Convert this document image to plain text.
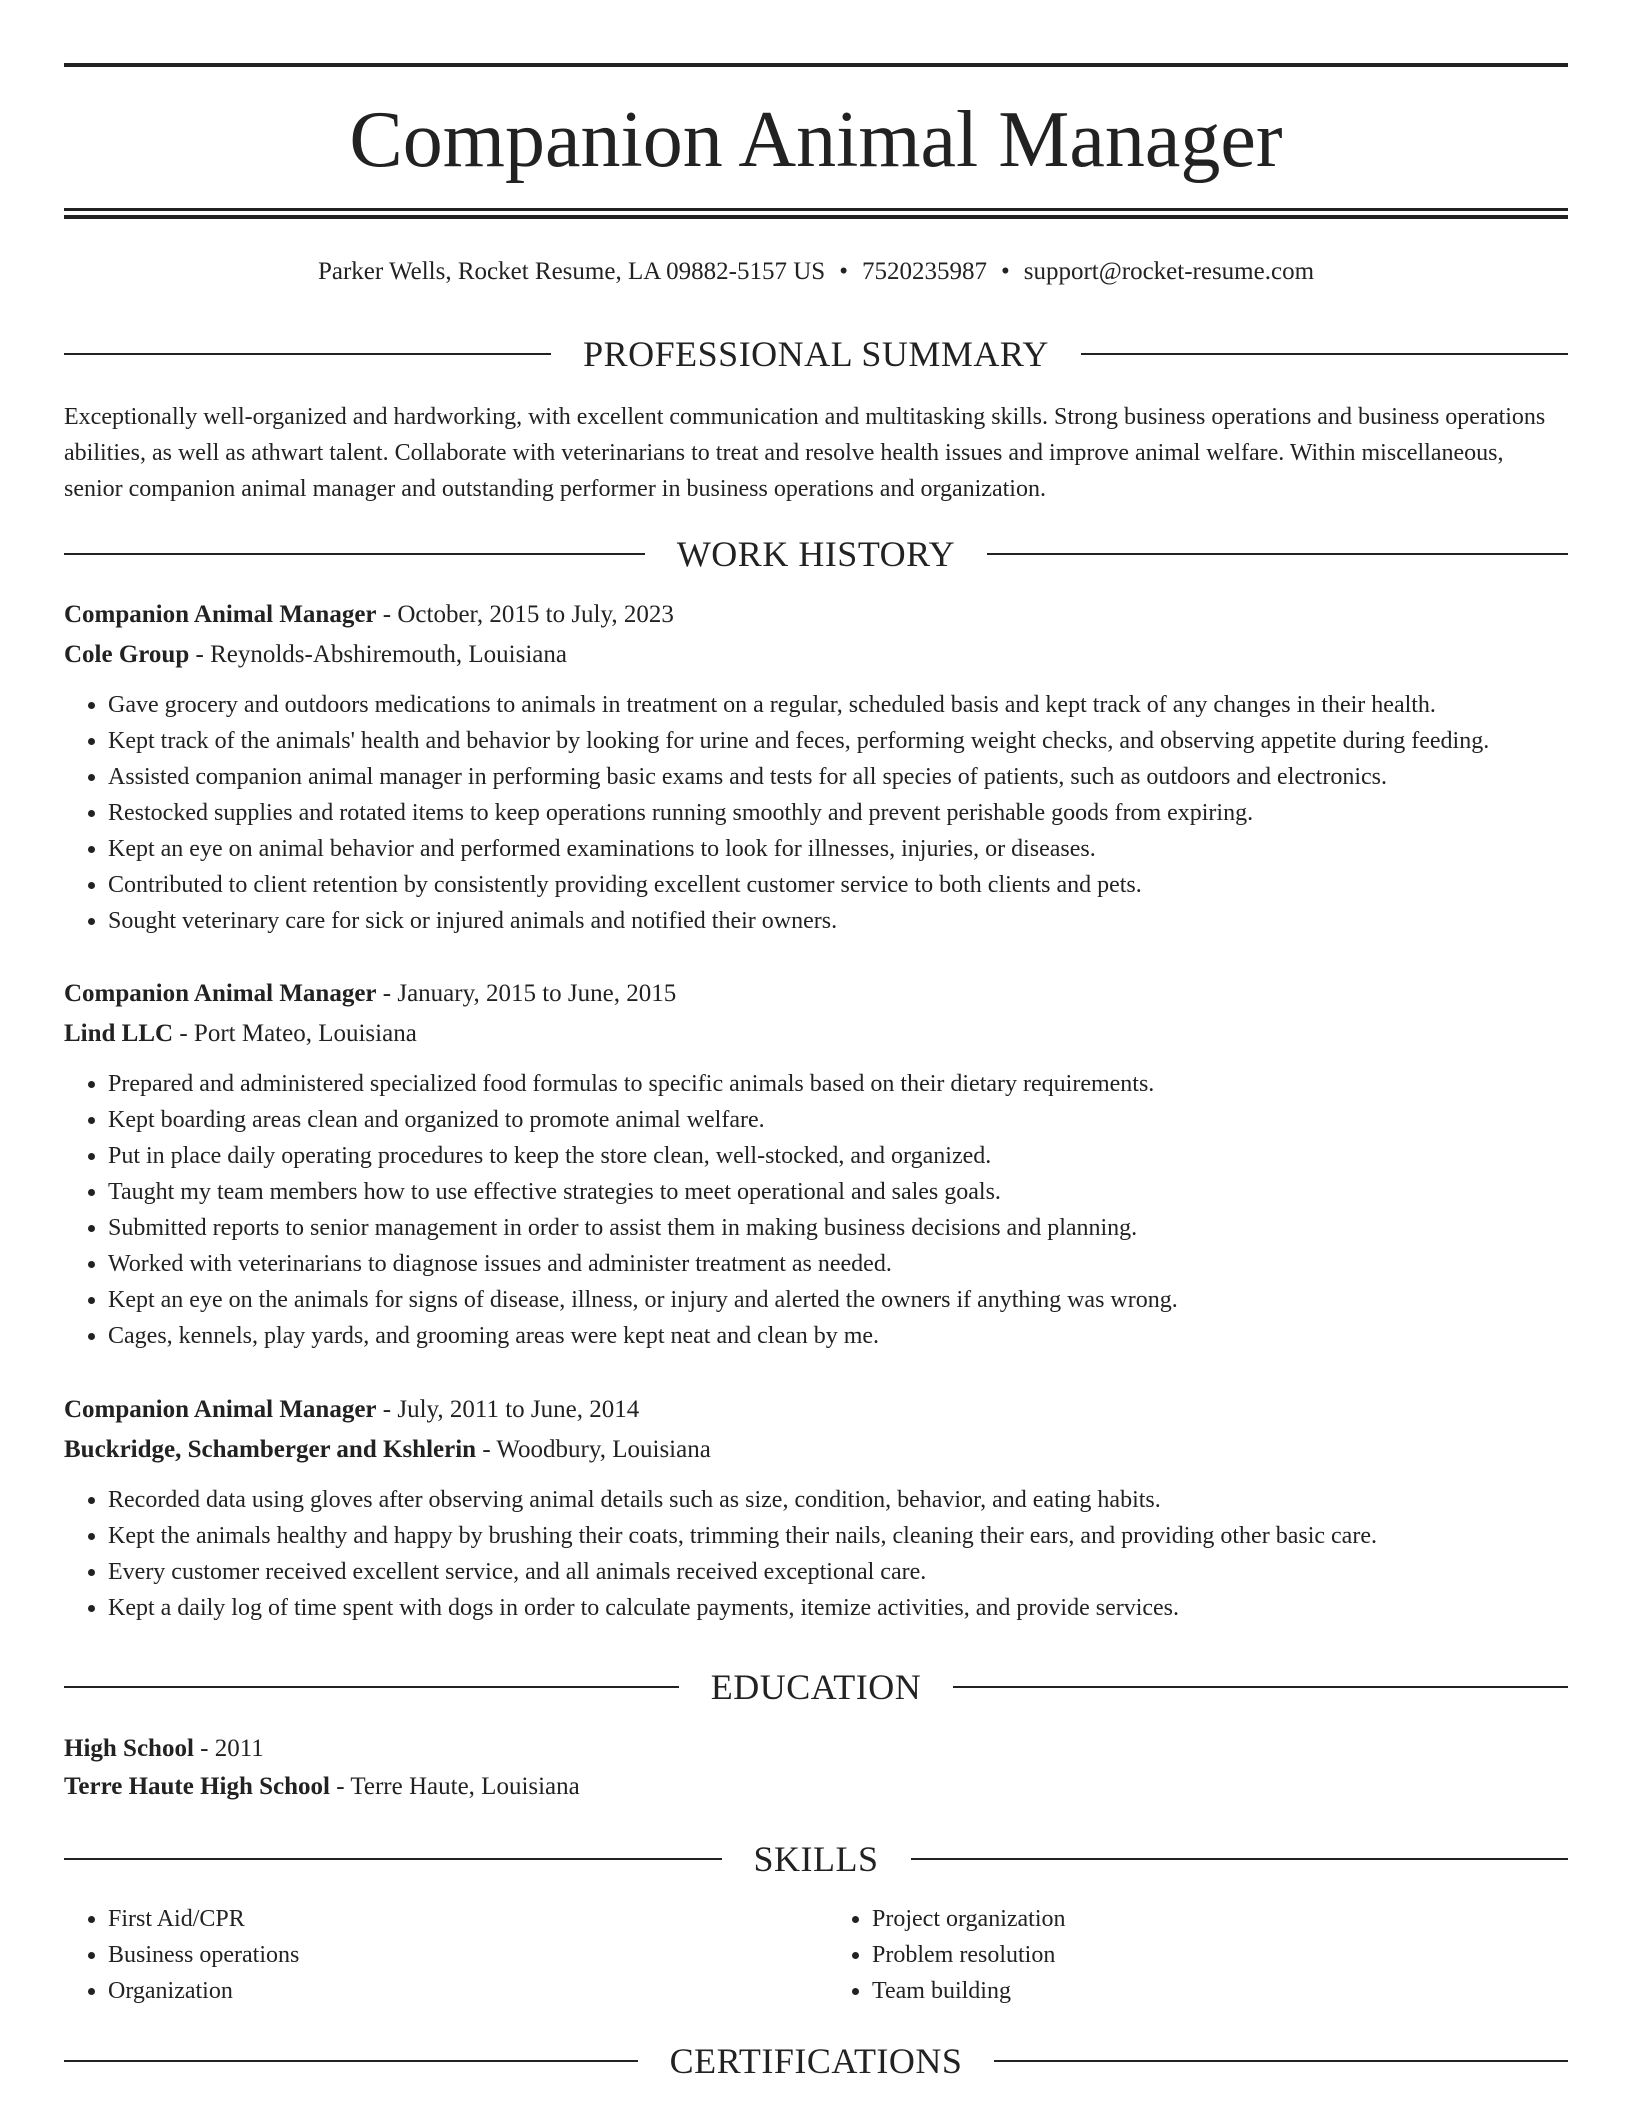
Companion Animal Manager
Parker Wells, Rocket Resume, LA 09882-5157 US • 7520235987 • support@rocket-resume.com
PROFESSIONAL SUMMARY

Exceptionally well-organized and hardworking, with excellent communication and multitasking skills. Strong business operations and business operations abilities, as well as athwart talent. Collaborate with veterinarians to treat and resolve health issues and improve animal welfare. Within miscellaneous, senior companion animal manager and outstanding performer in business operations and organization.

WORK HISTORY
Companion Animal Manager - October, 2015 to July, 2023
Cole Group - Reynolds-Abshiremouth, Louisiana
• Gave grocery and outdoors medications to animals in treatment on a regular, scheduled basis and kept track of any changes in their health.
• Kept track of the animals' health and behavior by looking for urine and feces, performing weight checks, and observing appetite during feeding.
• Assisted companion animal manager in performing basic exams and tests for all species of patients, such as outdoors and electronics.
• Restocked supplies and rotated items to keep operations running smoothly and prevent perishable goods from expiring.
• Kept an eye on animal behavior and performed examinations to look for illnesses, injuries, or diseases.
• Contributed to client retention by consistently providing excellent customer service to both clients and pets.
• Sought veterinary care for sick or injured animals and notified their owners.
Companion Animal Manager - January, 2015 to June, 2015
Lind LLC - Port Mateo, Louisiana
• Prepared and administered specialized food formulas to specific animals based on their dietary requirements.
• Kept boarding areas clean and organized to promote animal welfare.
• Put in place daily operating procedures to keep the store clean, well-stocked, and organized.
• Taught my team members how to use effective strategies to meet operational and sales goals.
• Submitted reports to senior management in order to assist them in making business decisions and planning.
• Worked with veterinarians to diagnose issues and administer treatment as needed.
• Kept an eye on the animals for signs of disease, illness, or injury and alerted the owners if anything was wrong.
• Cages, kennels, play yards, and grooming areas were kept neat and clean by me.
Companion Animal Manager - July, 2011 to June, 2014
Buckridge, Schamberger and Kshlerin - Woodbury, Louisiana
• Recorded data using gloves after observing animal details such as size, condition, behavior, and eating habits.
• Kept the animals healthy and happy by brushing their coats, trimming their nails, cleaning their ears, and providing other basic care.
• Every customer received excellent service, and all animals received exceptional care.
• Kept a daily log of time spent with dogs in order to calculate payments, itemize activities, and provide services.
EDUCATION
High School - 2011
Terre Haute High School - Terre Haute, Louisiana
SKILLS
• First Aid/CPR
• Business operations
• Organization
• Project organization
• Problem resolution
• Team building
CERTIFICATIONS
